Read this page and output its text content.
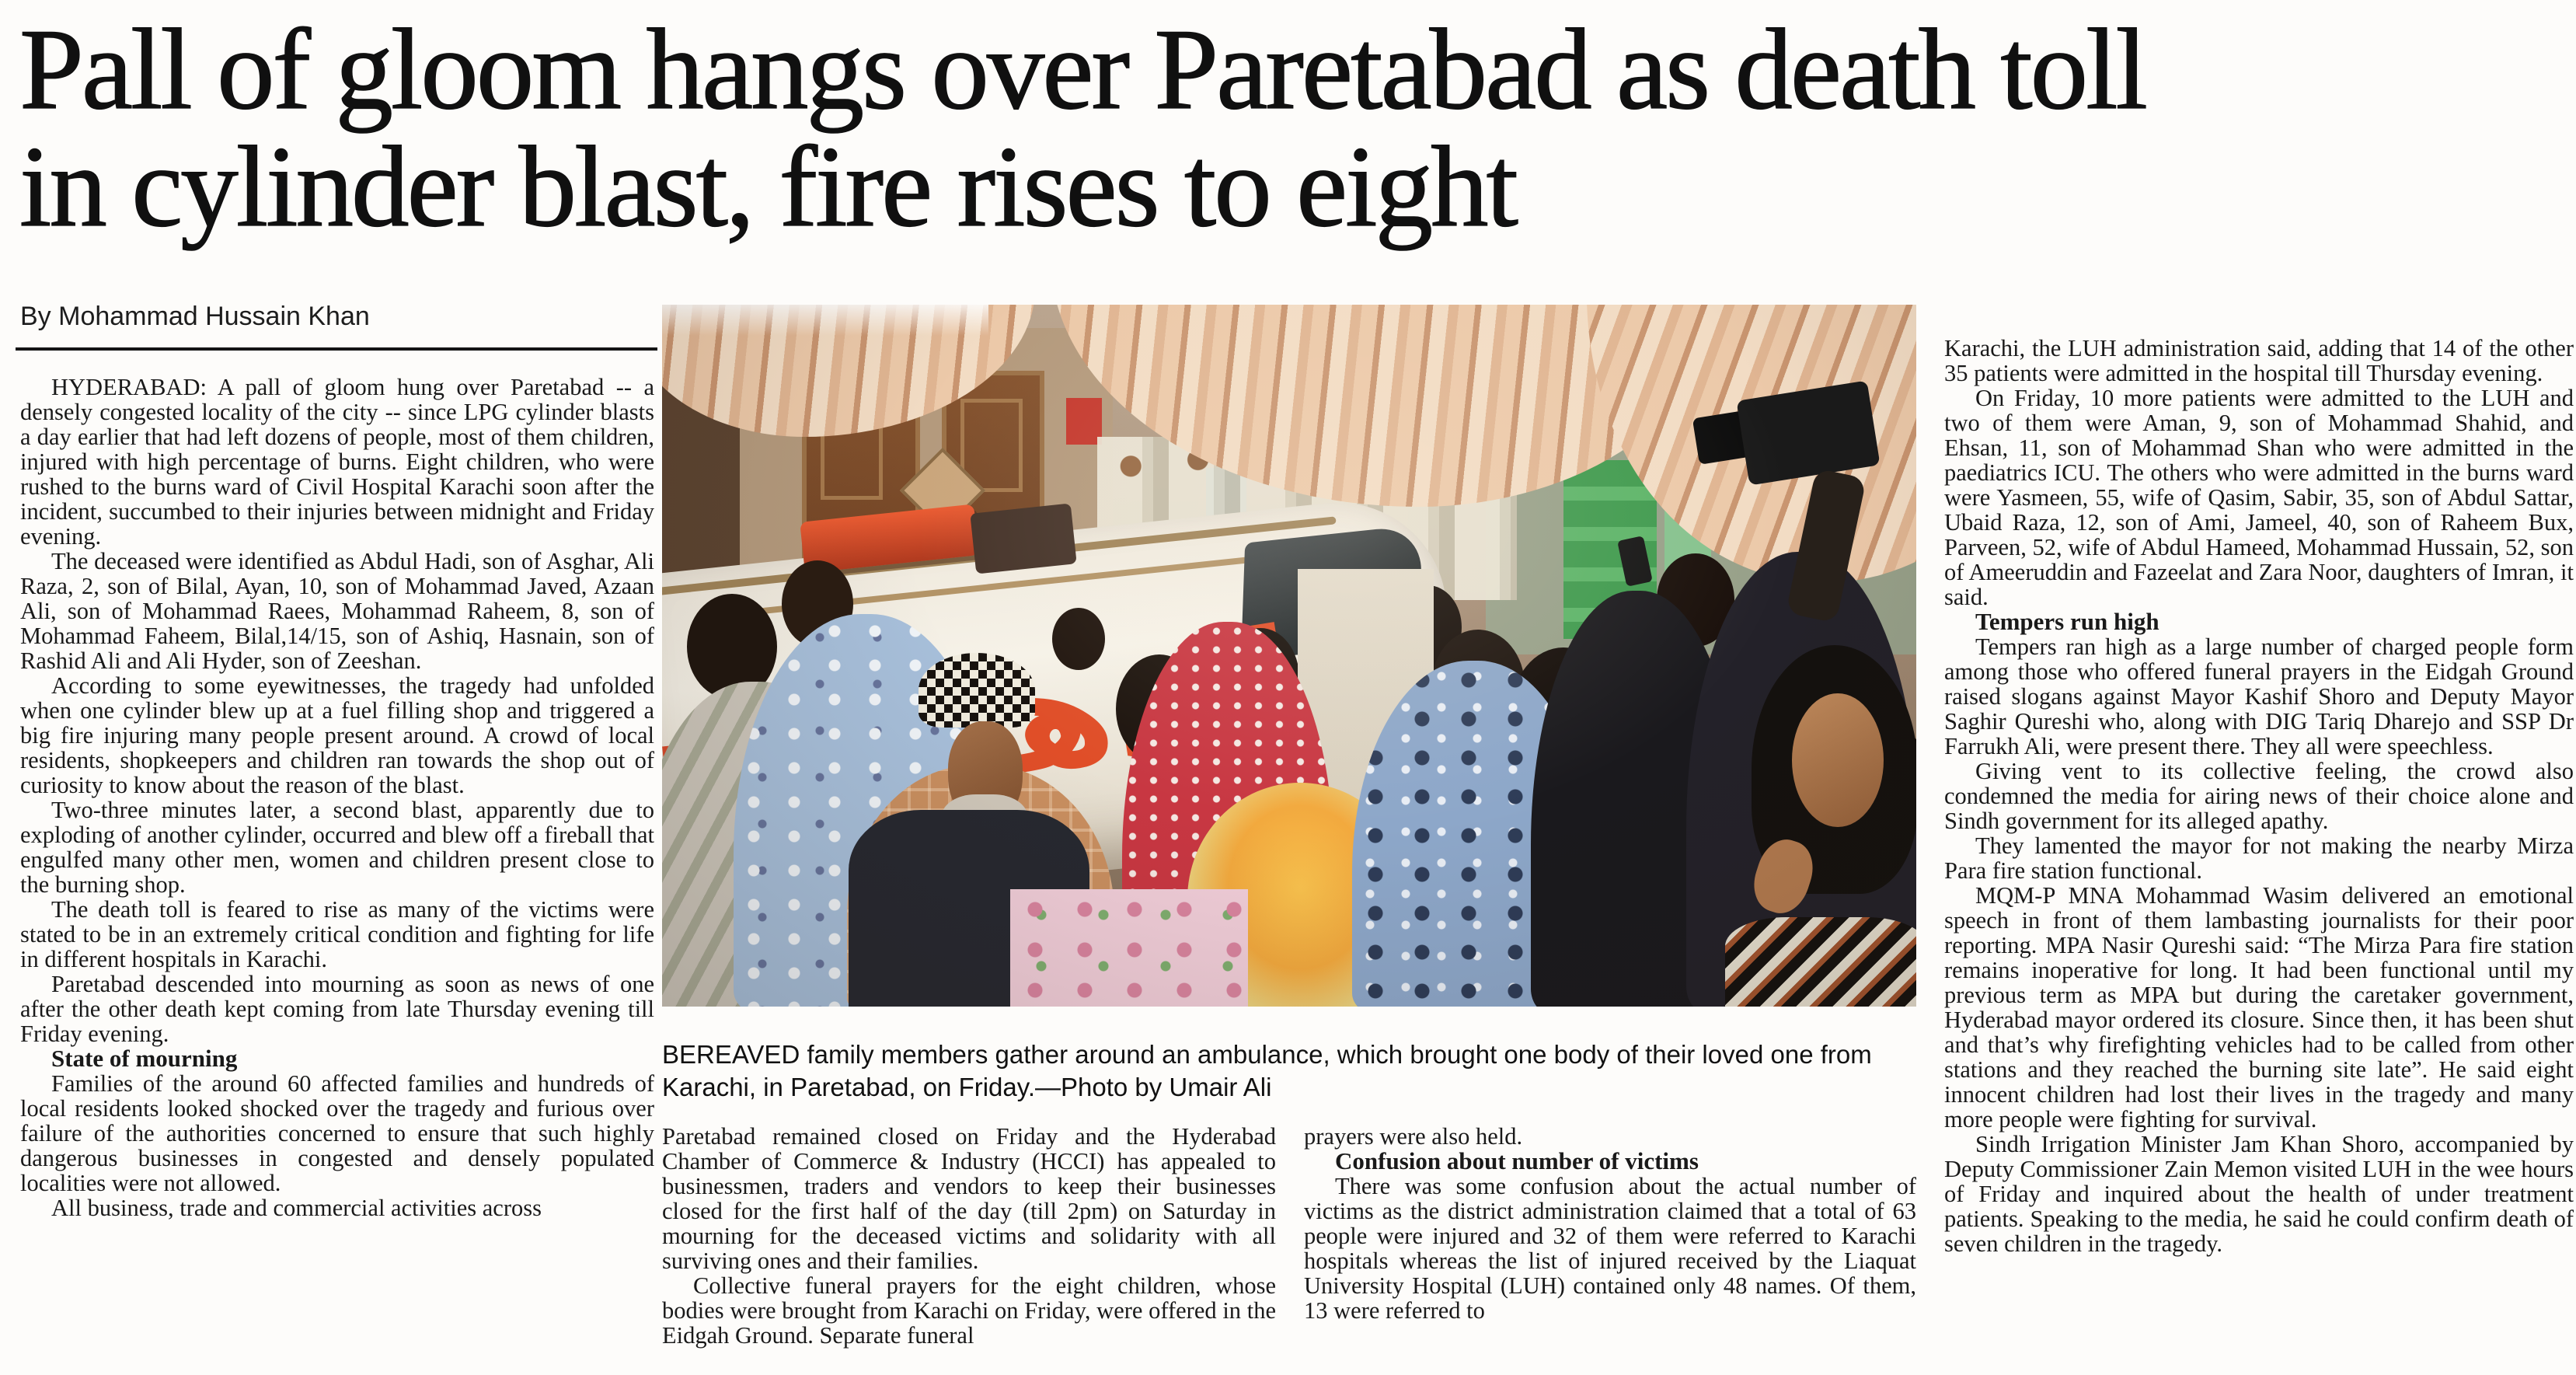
Pall of gloom hangs over Paretabad as death toll
in cylinder blast, fire rises to eight
By Mohammad Hussain Khan

HYDERABAD: A pall of gloom hung over Paretabad -- a densely congested locality of the city -- since LPG cylinder blasts a day earlier that had left dozens of people, most of them children, injured with high percentage of burns. Eight children, who were rushed to the burns ward of Civil Hospital Karachi soon after the incident, succumbed to their injuries between midnight and Friday evening.

The deceased were identified as Abdul Hadi, son of Asghar, Ali Raza, 2, son of Bilal, Ayan, 10, son of Mohammad Javed, Azaan Ali, son of Mohammad Raees, Mohammad Raheem, 8, son of Mohammad Faheem, Bilal,14/15, son of Ashiq, Hasnain, son of Rashid Ali and Ali Hyder, son of Zeeshan.

According to some eyewitnesses, the tragedy had unfolded when one cylinder blew up at a fuel filling shop and triggered a big fire injuring many people present around. A crowd of local residents, shopkeepers and children ran towards the shop out of curiosity to know about the reason of the blast.

Two-three minutes later, a second blast, apparently due to exploding of another cylinder, occurred and blew off a fireball that engulfed many other men, women and children present close to the burning shop.

The death toll is feared to rise as many of the victims were stated to be in an extremely critical condition and fighting for life in different hospitals in Karachi.

Paretabad descended into mourning as soon as news of one after the other death kept coming from late Thursday evening till Friday evening.

State of mourning

Families of the around 60 affected families and hundreds of local residents looked shocked over the tragedy and furious over failure of the authorities concerned to ensure that such highly dangerous businesses in congested and densely populated localities were not allowed.

All business, trade and commercial activities across

BEREAVED family members gather around an ambulance, which brought one body of their loved one from Karachi, in Paretabad, on Friday.—Photo by Umair Ali

Paretabad remained closed on Friday and the Hyderabad Chamber of Commerce & Industry (HCCI) has appealed to businessmen, traders and vendors to keep their businesses closed for the first half of the day (till 2pm) on Saturday in mourning for the deceased victims and solidarity with all surviving ones and their families.

Collective funeral prayers for the eight children, whose bodies were brought from Karachi on Friday, were offered in the Eidgah Ground. Separate funeral

prayers were also held.

Confusion about number of victims

There was some confusion about the actual number of victims as the district administration claimed that a total of 63 people were injured and 32 of them were referred to Karachi hospitals whereas the list of injured received by the Liaquat University Hospital (LUH) contained only 48 names. Of them, 13 were referred to

Karachi, the LUH administration said, adding that 14 of the other 35 patients were admitted in the hospital till Thursday evening.

On Friday, 10 more patients were admitted to the LUH and two of them were Aman, 9, son of Mohammad Shahid, and Ehsan, 11, son of Mohammad Shan who were admitted in the paediatrics ICU. The others who were admitted in the burns ward were Yasmeen, 55, wife of Qasim, Sabir, 35, son of Abdul Sattar, Ubaid Raza, 12, son of Ami, Jameel, 40, son of Raheem Bux, Parveen, 52, wife of Abdul Hameed, Mohammad Hussain, 52, son of Ameeruddin and Fazeelat and Zara Noor, daughters of Imran, it said.

Tempers run high

Tempers ran high as a large number of charged people form among those who offered funeral prayers in the Eidgah Ground raised slogans against Mayor Kashif Shoro and Deputy Mayor Saghir Qureshi who, along with DIG Tariq Dharejo and SSP Dr Farrukh Ali, were present there. They all were speechless.

Giving vent to its collective feeling, the crowd also condemned the media for airing news of their choice alone and Sindh government for its alleged apathy.

They lamented the mayor for not making the nearby Mirza Para fire station functional.

MQM-P MNA Mohammad Wasim delivered an emotional speech in front of them lambasting journalists for their poor reporting. MPA Nasir Qureshi said: “The Mirza Para fire station remains inoperative for long. It had been functional until my previous term as MPA but during the caretaker government, Hyderabad mayor ordered its closure. Since then, it has been shut and that’s why firefighting vehicles had to be called from other stations and they reached the burning site late”. He said eight innocent children had lost their lives in the tragedy and many more people were fighting for survival.

Sindh Irrigation Minister Jam Khan Shoro, accompanied by Deputy Commissioner Zain Memon visited LUH in the wee hours of Friday and inquired about the health of under treatment patients. Speaking to the media, he said he could confirm death of seven children in the tragedy.
